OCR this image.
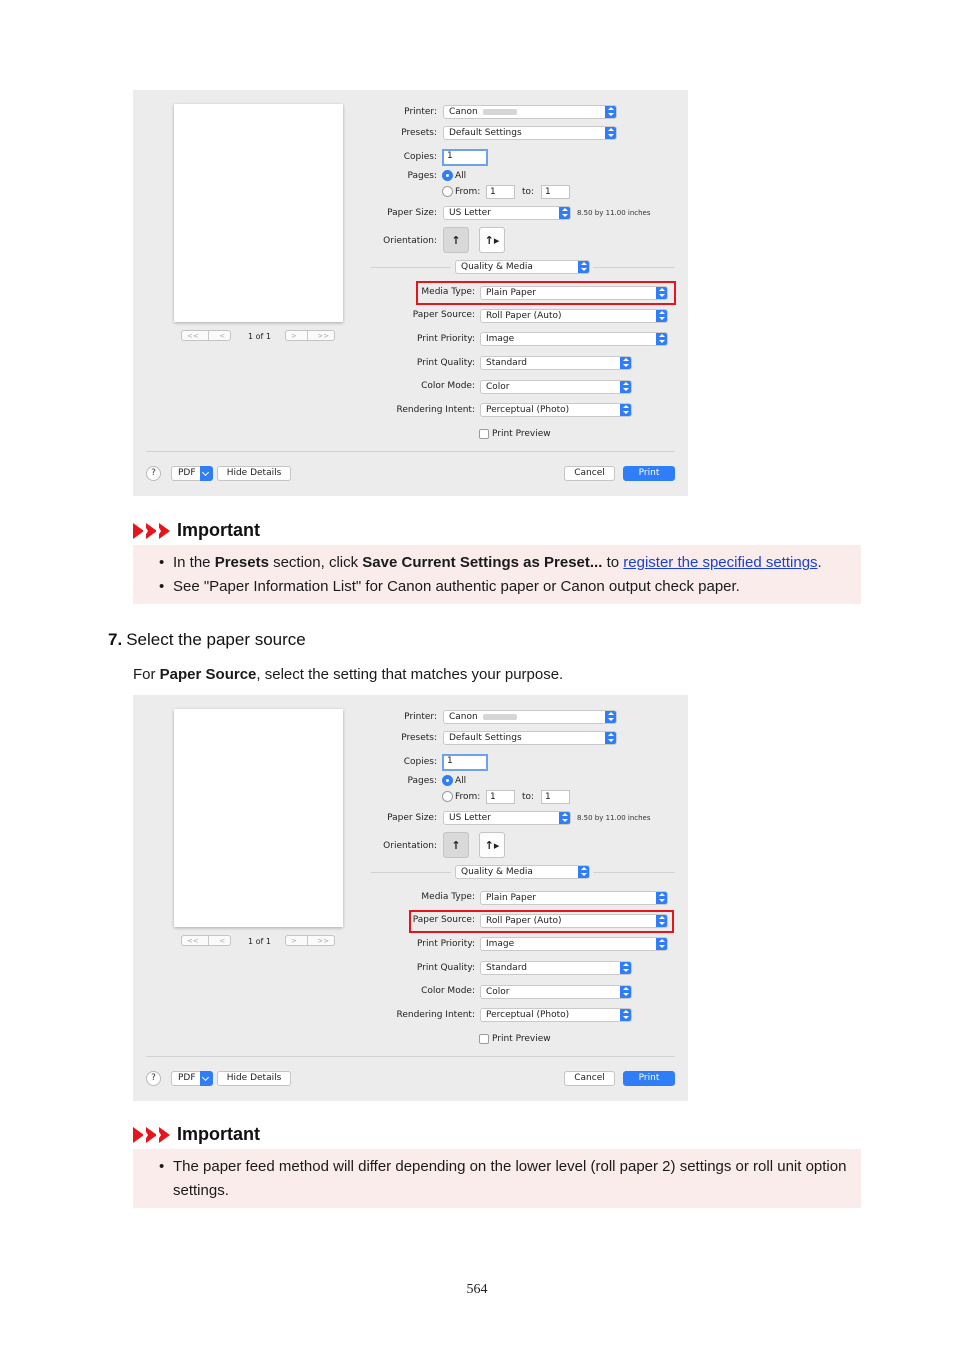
<<	<	1 of 1	>	>>
Printer:	Canon
Presets:	Default Settings
Copies:	1
Pages: All
From:	1	to:	1
Paper Size:	US Letter	8.50 by 11.00 inches
Orientation: ↑ ↑▸
Quality & Media
Media Type:	Plain Paper
Paper Source:	Roll Paper (Auto)
Print Priority:	Image
Print Quality:	Standard
Color Mode:	Color
Rendering Intent:	Perceptual (Photo)
Print Preview
?	PDF	Hide Details	Cancel	Print
Important
• In the Presets section, click Save Current Settings as Preset... to register the specified settings.
• See "Paper Information List" for Canon authentic paper or Canon output check paper.
7. Select the paper source
For Paper Source, select the setting that matches your purpose.
<<	<	1 of 1	>	>>
Printer:	Canon
Presets:	Default Settings
Copies:	1
Pages: All
From:	1	to:	1
Paper Size:	US Letter	8.50 by 11.00 inches
Orientation: ↑ ↑▸
Quality & Media
Media Type:	Plain Paper
Paper Source:	Roll Paper (Auto)
Print Priority:	Image
Print Quality:	Standard
Color Mode:	Color
Rendering Intent:	Perceptual (Photo)
Print Preview
?	PDF	Hide Details	Cancel	Print
Important
• The paper feed method will differ depending on the lower level (roll paper 2) settings or roll unit option settings.
564
